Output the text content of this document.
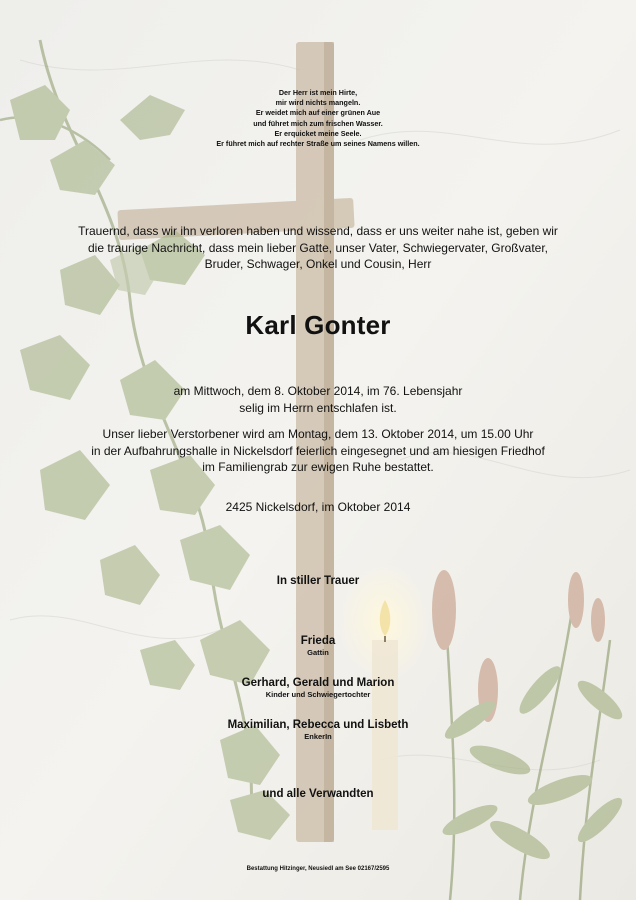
Der Herr ist mein Hirte,
mir wird nichts mangeln.
Er weidet mich auf einer grünen Aue
und führet mich zum frischen Wasser.
Er erquicket meine Seele.
Er führet mich auf rechter Straße um seines Namens willen.
Trauernd, dass wir ihn verloren haben und wissend, dass er uns weiter nahe ist, geben wir
die traurige Nachricht, dass mein lieber Gatte, unser Vater, Schwiegervater, Großvater,
Bruder, Schwager, Onkel und Cousin, Herr
Karl Gonter
am Mittwoch, dem 8. Oktober 2014, im 76. Lebensjahr
selig im Herrn entschlafen ist.
Unser lieber Verstorbener wird am Montag, dem 13. Oktober 2014, um 15.00 Uhr
in der Aufbahrungshalle in Nickelsdorf feierlich eingesegnet und am hiesigen Friedhof
im Familiengrab zur ewigen Ruhe bestattet.
2425 Nickelsdorf, im Oktober 2014
In stiller Trauer
Frieda
Gattin
Gerhard, Gerald und Marion
Kinder und Schwiegertochter
Maximilian, Rebecca und Lisbeth
EnkerIn
und alle Verwandten
Bestattung Hitzinger, Neusiedl am See 02167/2595
